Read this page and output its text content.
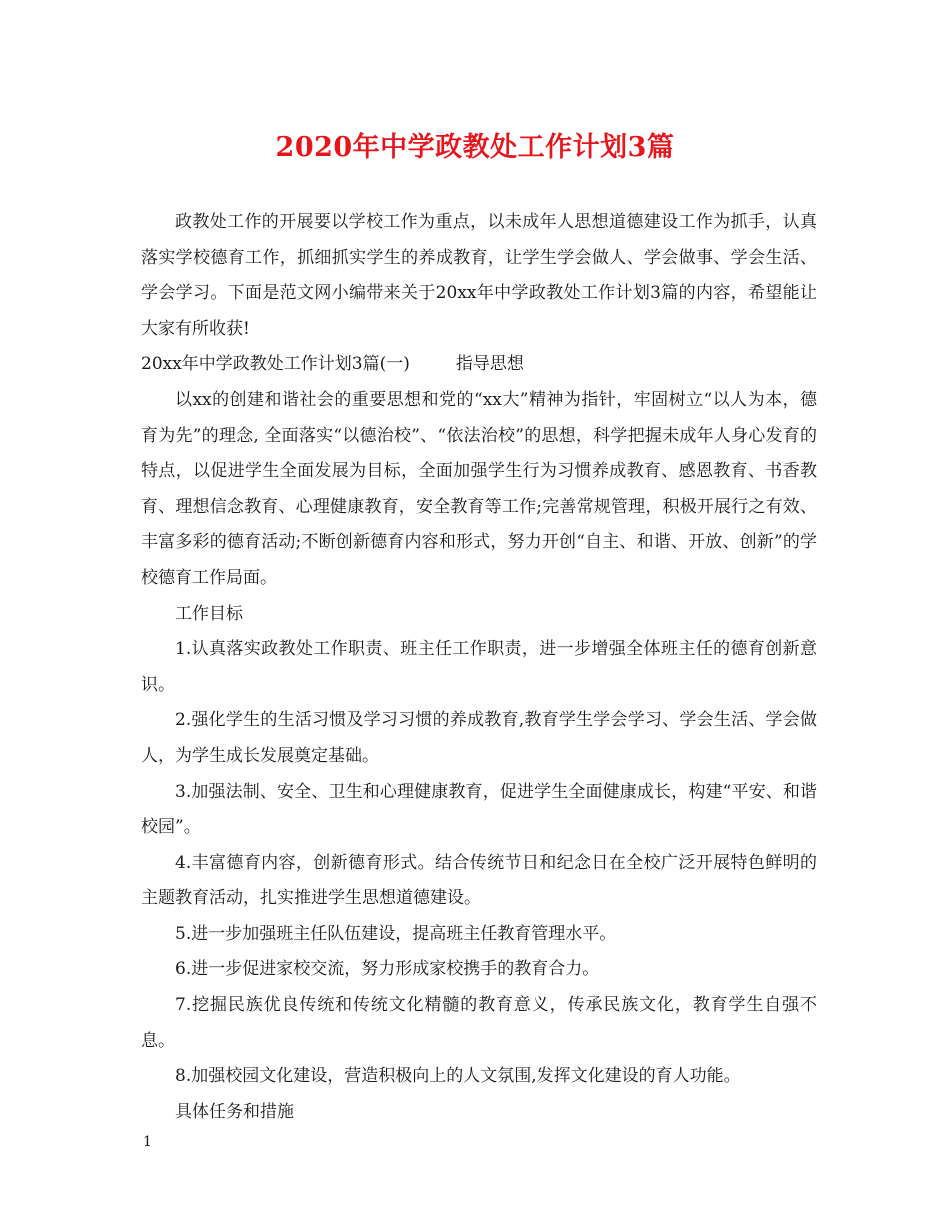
2020年中学政教处工作计划3篇

政教处工作的开展要以学校工作为重点，以未成年人思想道德建设工作为抓手，认真落实学校德育工作，抓细抓实学生的养成教育，让学生学会做人、学会做事、学会生活、学会学习。下面是范文网小编带来关于20xx年中学政教处工作计划3篇的内容，希望能让大家有所收获!

20xx年中学政教处工作计划3篇(一)	指导思想

以xx的创建和谐社会的重要思想和党的“xx大”精神为指针，牢固树立“以人为本，德育为先”的理念, 全面落实“以德治校”、“依法治校”的思想，科学把握未成年人身心发育的特点，以促进学生全面发展为目标，全面加强学生行为习惯养成教育、感恩教育、书香教育、理想信念教育、心理健康教育，安全教育等工作;完善常规管理，积极开展行之有效、丰富多彩的德育活动;不断创新德育内容和形式，努力开创“自主、和谐、开放、创新”的学校德育工作局面。

工作目标

1.认真落实政教处工作职责、班主任工作职责，进一步增强全体班主任的德育创新意识。

2.强化学生的生活习惯及学习习惯的养成教育,教育学生学会学习、学会生活、学会做人，为学生成长发展奠定基础。

3.加强法制、安全、卫生和心理健康教育，促进学生全面健康成长，构建“平安、和谐校园”。

4.丰富德育内容，创新德育形式。结合传统节日和纪念日在全校广泛开展特色鲜明的主题教育活动，扎实推进学生思想道德建设。

5.进一步加强班主任队伍建设，提高班主任教育管理水平。

6.进一步促进家校交流，努力形成家校携手的教育合力。

7.挖掘民族优良传统和传统文化精髓的教育意义，传承民族文化，教育学生自强不息。

8.加强校园文化建设，营造积极向上的人文氛围,发挥文化建设的育人功能。

具体任务和措施

1
